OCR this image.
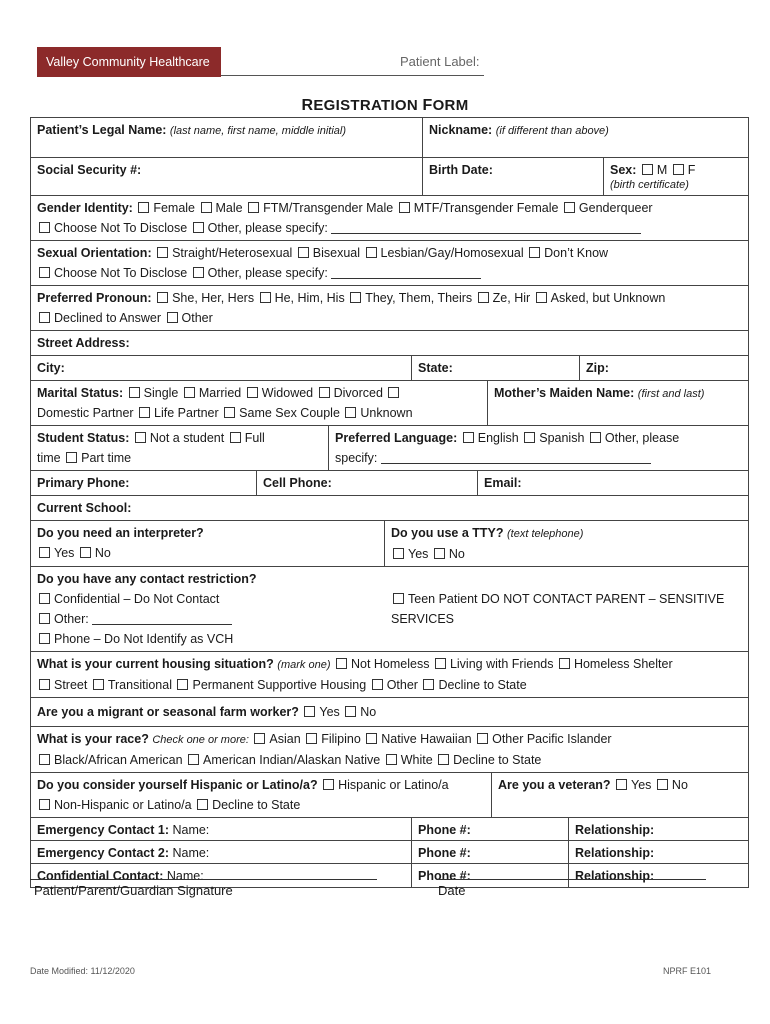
Valley Community Healthcare	Patient Label:
REGISTRATION FORM
Patient’s Legal Name: (last name, first name, middle initial)	Nickname: (if different than above)
Social Security #:	Birth Date:	Sex: M F
(birth certificate)
Gender Identity: Female Male FTM/Transgender Male MTF/Transgender Female Genderqueer
Choose Not To Disclose Other, please specify:
Sexual Orientation: Straight/Heterosexual Bisexual Lesbian/Gay/Homosexual Don’t Know
Choose Not To Disclose Other, please specify:
Preferred Pronoun: She, Her, Hers He, Him, His They, Them, Theirs Ze, Hir Asked, but Unknown
Declined to Answer Other
Street Address:
City:	State:	Zip:
Marital Status: Single Married Widowed Divorced
Domestic Partner Life Partner Same Sex Couple Unknown
Mother’s Maiden Name: (first and last)
Student Status: Not a student Full
time Part time
Preferred Language: English Spanish Other, please
specify:
Primary Phone:	Cell Phone:	Email:
Current School:
Do you need an interpreter?
Yes No
Do you use a TTY? (text telephone)
Yes No
Do you have any contact restriction?
Confidential – Do Not Contact
Other:
Phone – Do Not Identify as VCH
Teen Patient DO NOT CONTACT PARENT – SENSITIVE
SERVICES
What is your current housing situation? (mark one) Not Homeless Living with Friends Homeless Shelter
Street Transitional Permanent Supportive Housing Other Decline to State
Are you a migrant or seasonal farm worker? Yes No
What is your race? Check one or more: Asian Filipino Native Hawaiian Other Pacific Islander
Black/African American American Indian/Alaskan Native White Decline to State
Do you consider yourself Hispanic or Latino/a? Hispanic or Latino/a
Non-Hispanic or Latino/a Decline to State
Are you a veteran? Yes No
Emergency Contact 1: Name:	Phone #:	Relationship:
Emergency Contact 2: Name:	Phone #:	Relationship:
Confidential Contact: Name:	Phone #:	Relationship:
Patient/Parent/Guardian Signature	Date
Date Modified: 11/12/2020	NPRF E101
